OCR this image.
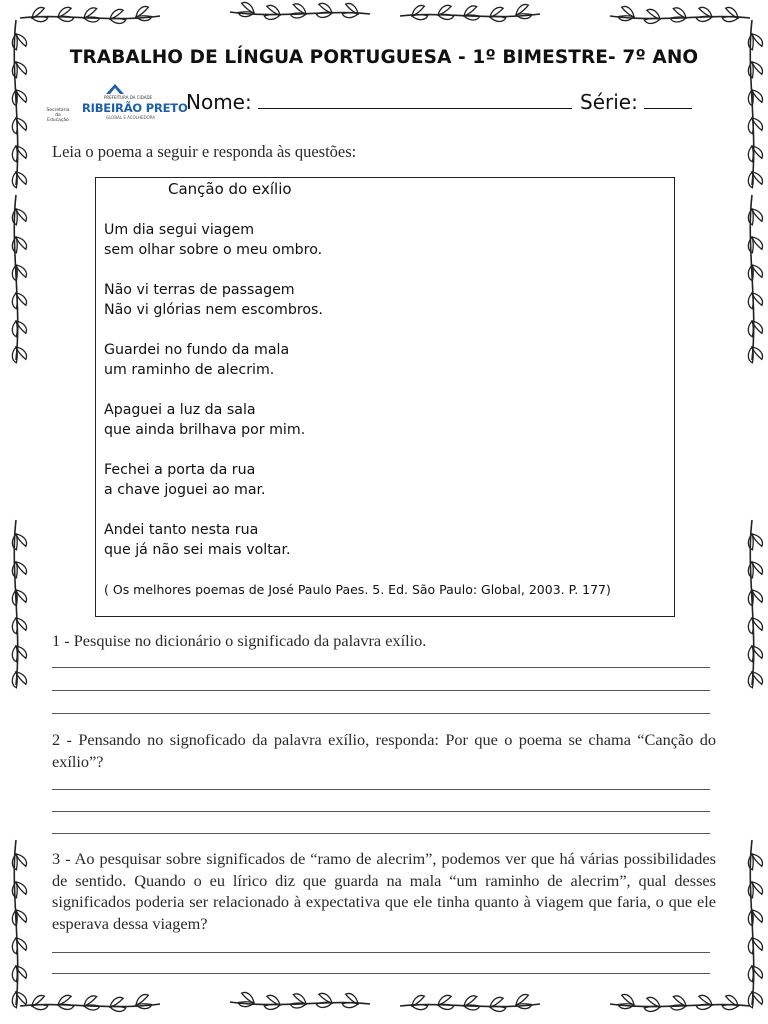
TRABALHO DE LÍNGUA PORTUGUESA - 1º BIMESTRE- 7º ANO
Secretaria da Educação
PREFEITURA DA CIDADE
RIBEIRÃO PRETO
GLOBAL E ACOLHEDORA
Nome:	Série:
Leia o poema a seguir e responda às questões:
Canção do exílio
Um dia segui viagem
sem olhar sobre o meu ombro.
Não vi terras de passagem
Não vi glórias nem escombros.
Guardei no fundo da mala
um raminho de alecrim.
Apaguei a luz da sala
que ainda brilhava por mim.
Fechei a porta da rua
a chave joguei ao mar.
Andei tanto nesta rua
que já não sei mais voltar.
( Os melhores poemas de José Paulo Paes. 5. Ed. São Paulo: Global, 2003. P. 177)
1 - Pesquise no dicionário o significado da palavra exílio.
2 - Pensando no signoficado da palavra exílio, responda: Por que o poema se chama “Canção do exílio”?
3 - Ao pesquisar sobre significados de “ramo de alecrim”, podemos ver que há várias possibilidades de sentido. Quando o eu lírico diz que guarda na mala “um raminho de alecrim”, qual desses significados poderia ser relacionado à expectativa que ele tinha quanto à viagem que faria, o que ele esperava dessa viagem?
